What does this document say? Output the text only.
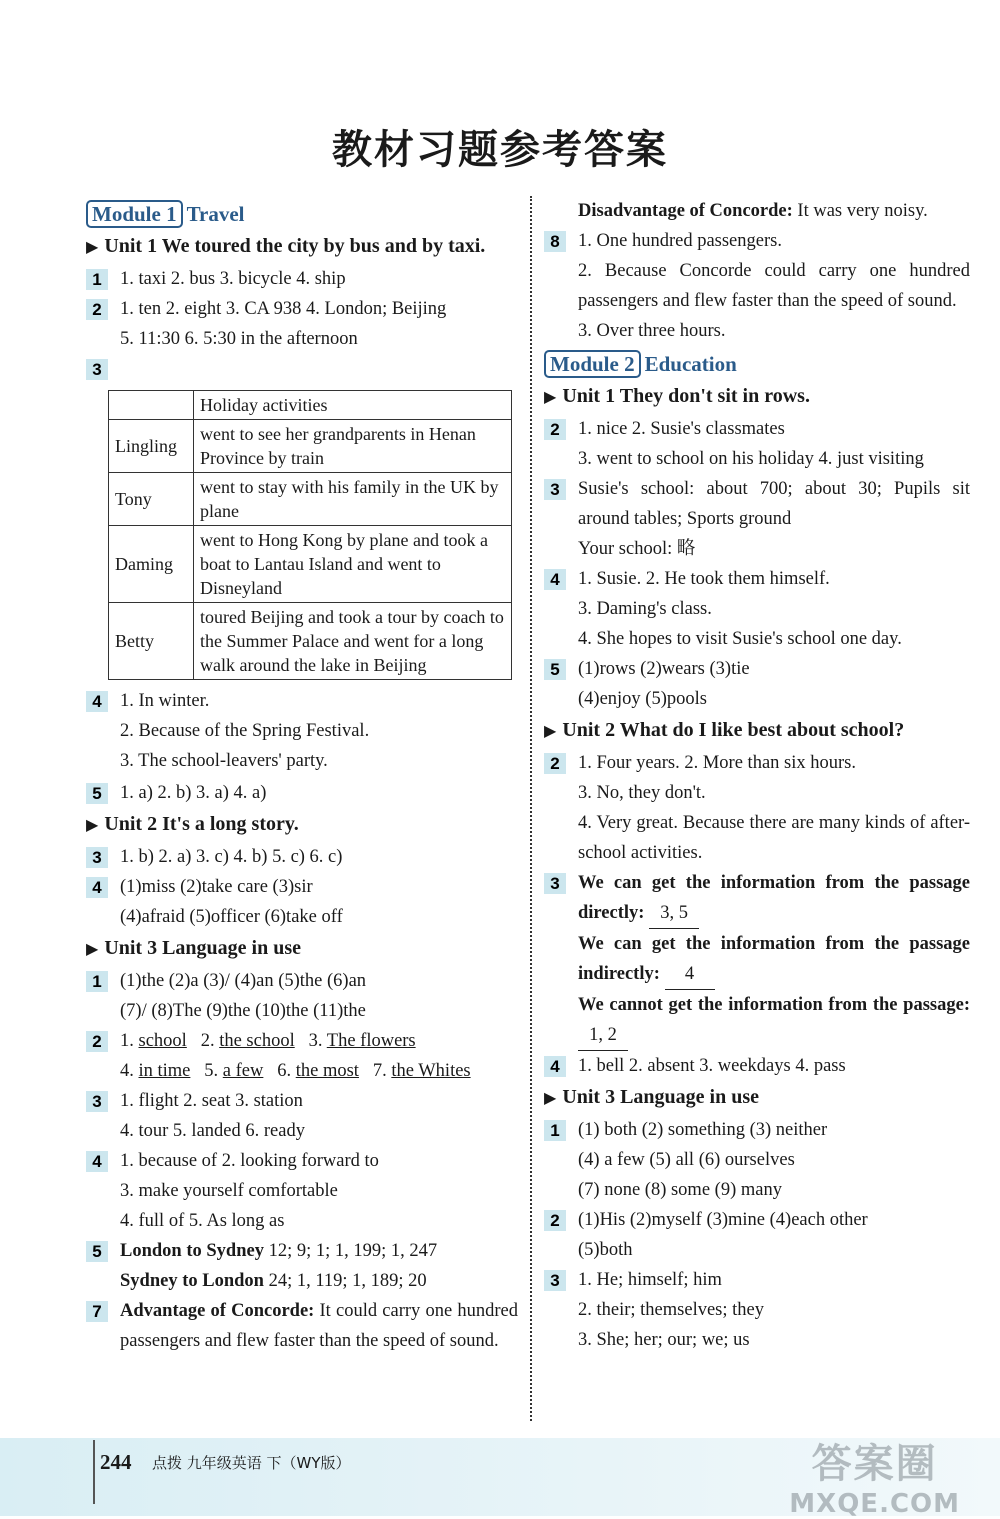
教材习题参考答案
Module 1 Travel
▶ Unit 1 We toured the city by bus and by taxi.
1 1. taxi 2. bus 3. bicycle 4. ship
2 1. ten 2. eight 3. CA 938 4. London; Beijing
5. 11:30 6. 5:30 in the afternoon
3
	Holiday activities
Lingling	went to see her grandparents in Henan Province by train
Tony	went to stay with his family in the UK by plane
Daming	went to Hong Kong by plane and took a boat to Lantau Island and went to Disneyland
Betty	toured Beijing and took a tour by coach to the Summer Palace and went for a long walk around the lake in Beijing
4 1. In winter.
2. Because of the Spring Festival.
3. The school-leavers' party.
5 1. a) 2. b) 3. a) 4. a)
▶ Unit 2 It's a long story.
3 1. b) 2. a) 3. c) 4. b) 5. c) 6. c)
4 (1)miss (2)take care (3)sir
(4)afraid (5)officer (6)take off
▶ Unit 3 Language in use
1 (1)the (2)a (3)/ (4)an (5)the (6)an
(7)/ (8)The (9)the (10)the (11)the
2 1. school 2. the school 3. The flowers
4. in time 5. a few 6. the most 7. the Whites
3 1. flight 2. seat 3. station
4. tour 5. landed 6. ready
4 1. because of 2. looking forward to
3. make yourself comfortable
4. full of 5. As long as
5 London to Sydney 12; 9; 1; 1, 199; 1, 247
Sydney to London 24; 1, 119; 1, 189; 20
7 Advantage of Concorde: It could carry one hundred passengers and flew faster than the speed of sound.
Disadvantage of Concorde: It was very noisy.
8 1. One hundred passengers.
2. Because Concorde could carry one hundred passengers and flew faster than the speed of sound.
3. Over three hours.
Module 2 Education
▶ Unit 1 They don't sit in rows.
2 1. nice 2. Susie's classmates
3. went to school on his holiday 4. just visiting
3 Susie's school: about 700; about 30; Pupils sit around tables; Sports ground
Your school: 略
4 1. Susie. 2. He took them himself.
3. Daming's class.
4. She hopes to visit Susie's school one day.
5 (1)rows (2)wears (3)tie
(4)enjoy (5)pools
▶ Unit 2 What do I like best about school?
2 1. Four years. 2. More than six hours.
3. No, they don't.
4. Very great. Because there are many kinds of after-school activities.
3 We can get the information from the passage directly: 3, 5
We can get the information from the passage indirectly: 4
We cannot get the information from the passage: 1, 2
4 1. bell 2. absent 3. weekdays 4. pass
▶ Unit 3 Language in use
1 (1) both (2) something (3) neither
(4) a few (5) all (6) ourselves
(7) none (8) some (9) many
2 (1)His (2)myself (3)mine (4)each other
(5)both
3 1. He; himself; him
2. their; themselves; they
3. She; her; our; we; us
244 点拨 九年级英语 下（WY版）	答案圈
MXQE.COM
